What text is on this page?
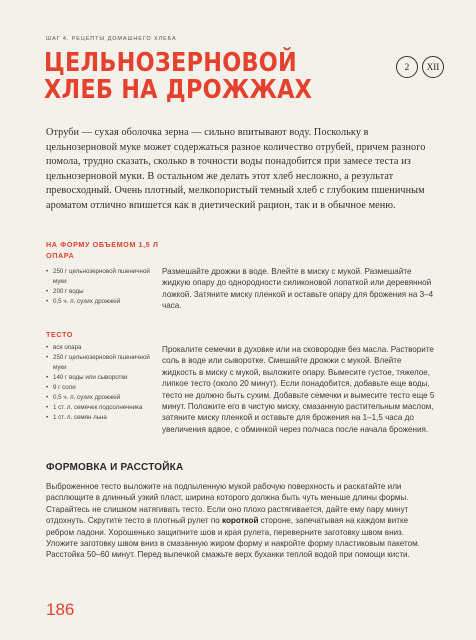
ШАГ 4. РЕЦЕПТЫ ДОМАШНЕГО ХЛЕБА
ЦЕЛЬНОЗЕРНОВОЙ ХЛЕБ НА ДРОЖЖАХ
2	XII

Отруби — сухая оболочка зерна — сильно впитывают воду. Поскольку в цельнозерновой муке может содержаться разное количество отрубей, причем разного помола, трудно сказать, сколько в точности воды понадобится при замесе теста из цельнозерновой муки. В остальном же делать этот хлеб несложно, а результат превосходный. Очень плотный, мелкопористый темный хлеб с глубоким пшеничным ароматом отлично впишется как в диетический рацион, так и в обычное меню.

НА ФОРМУ ОБЪЕМОМ 1,5 Л
ОПАРА
• 250 г цельнозерновой пшеничной муки
• 200 г воды
• 0,5 ч. л. сухих дрожжей

Размешайте дрожжи в воде. Влейте в миску с мукой. Размешайте жидкую опару до однородности силиконовой лопаткой или деревянной ложкой. Затяните миску пленкой и оставьте опару для брожения на 3–4 часа.

ТЕСТО
• вся опара
• 250 г цельнозерновой пшеничной муки
• 140 г воды или сыворотки
• 9 г соли
• 0,5 ч. л. сухих дрожжей
• 1 ст. л. семечек подсолнечника
• 1 ст. л. семян льна

Прокалите семечки в духовке или на сковородке без масла. Растворите соль в воде или сыворотке. Смешайте дрожжи с мукой. Влейте жидкость в миску с мукой, выложите опару. Вымесите густое, тяжелое, липкое тесто (около 20 минут). Если понадобится, добавьте еще воды, тесто не должно быть сухим. Добавьте семечки и вымесите тесто еще 5 минут. Положите его в чистую миску, смазанную растительным маслом, затяните миску пленкой и оставьте для брожения на 1–1,5 часа до увеличения вдвое, с обминкой через полчаса после начала брожения.

ФОРМОВКА И РАССТОЙКА

Выброженное тесто выложите на подпыленную мукой рабочую поверхность и раскатайте или расплющите в длинный узкий пласт, ширина которого должна быть чуть меньше длины формы. Старайтесь не слишком натягивать тесто. Если оно плохо растягивается, дайте ему пару минут отдохнуть. Скрутите тесто в плотный рулет по короткой стороне, запечатывая на каждом витке ребром ладони. Хорошенько защипните шов и края рулета, переверните заготовку швом вниз. Уложите заготовку швом вниз в смазанную жиром форму и накройте форму пластиковым пакетом. Расстойка 50–60 минут. Перед выпечкой смажьте верх буханки теплой водой при помощи кисти.

186
